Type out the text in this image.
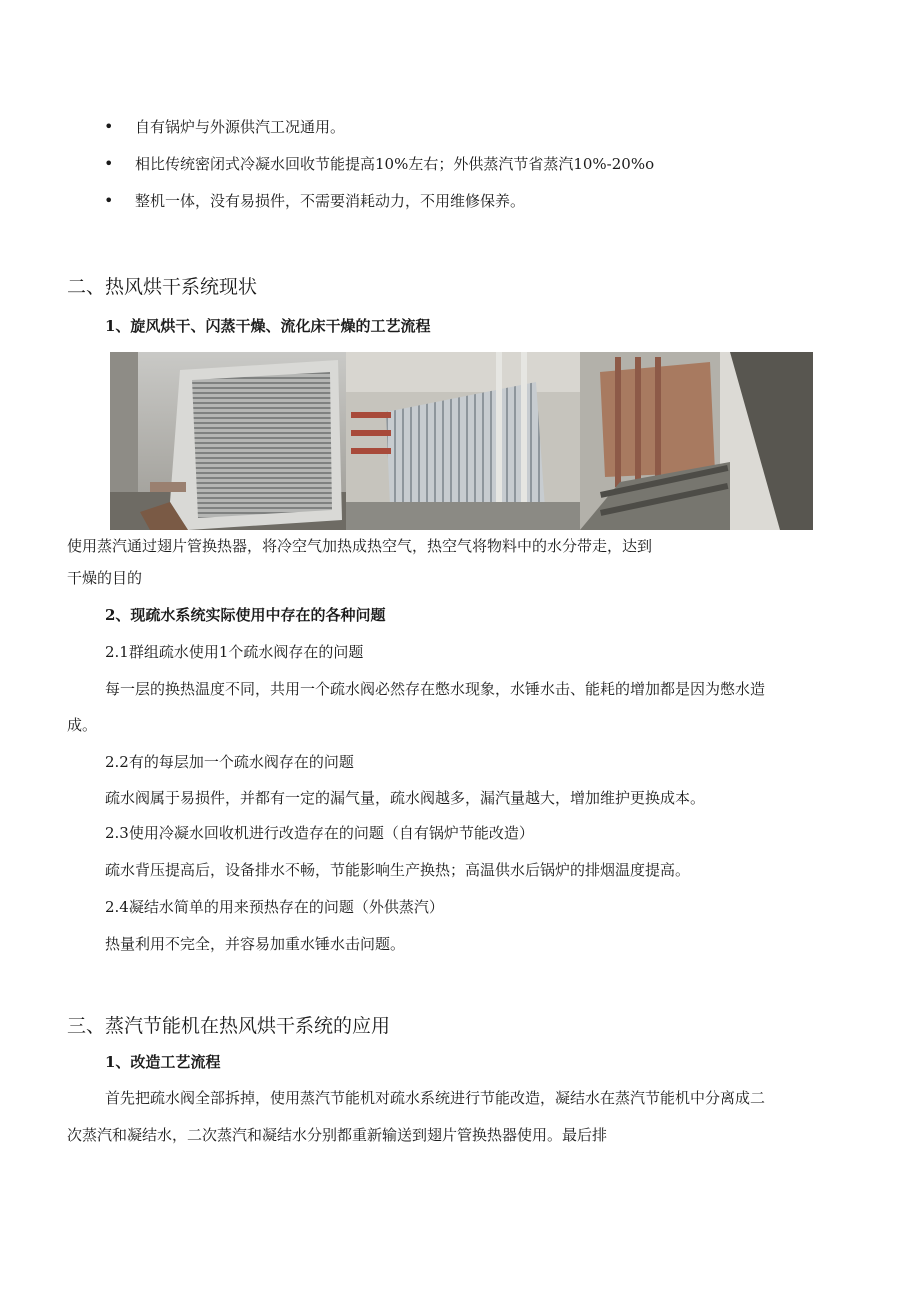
• 自有锅炉与外源供汽工况通用。
• 相比传统密闭式冷凝水回收节能提高10%左右；外供蒸汽节省蒸汽10%-20%o
• 整机一体，没有易损件，不需要消耗动力，不用维修保养。
二、热风烘干系统现状
1、旋风烘干、闪蒸干燥、流化床干燥的工艺流程
使用蒸汽通过翅片管换热器，将冷空气加热成热空气，热空气将物料中的水分带走，达到
干燥的目的
2、现疏水系统实际使用中存在的各种问题
2.1群组疏水使用1个疏水阀存在的问题
每一层的换热温度不同，共用一个疏水阀必然存在憋水现象，水锤水击、能耗的增加都是因为憋水造
成。
2.2有的每层加一个疏水阀存在的问题
疏水阀属于易损件，并都有一定的漏气量，疏水阀越多，漏汽量越大，增加维护更换成本。
2.3使用冷凝水回收机进行改造存在的问题（自有锅炉节能改造）
疏水背压提高后，设备排水不畅，节能影响生产换热；高温供水后锅炉的排烟温度提高。
2.4凝结水简单的用来预热存在的问题（外供蒸汽）
热量利用不完全，并容易加重水锤水击问题。
三、蒸汽节能机在热风烘干系统的应用
1、改造工艺流程
首先把疏水阀全部拆掉，使用蒸汽节能机对疏水系统进行节能改造，凝结水在蒸汽节能机中分离成二
次蒸汽和凝结水，二次蒸汽和凝结水分别都重新输送到翅片管换热器使用。最后排
